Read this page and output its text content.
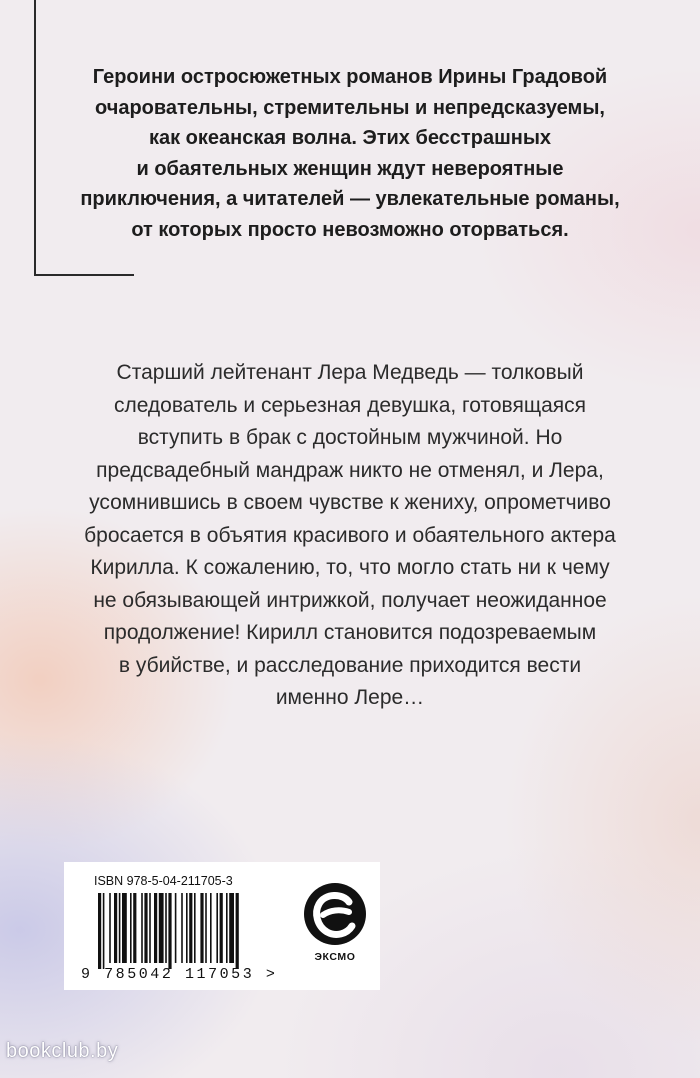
Героини остросюжетных романов Ирины Градовой
очаровательны, стремительны и непредсказуемы,
как океанская волна. Этих бесстрашных
и обаятельных женщин ждут невероятные
приключения, а читателей — увлекательные романы,
от которых просто невозможно оторваться.

Старший лейтенант Лера Медведь — толковый
следователь и серьезная девушка, готовящаяся
вступить в брак с достойным мужчиной. Но
предсвадебный мандраж никто не отменял, и Лера,
усомнившись в своем чувстве к жениху, опрометчиво
бросается в объятия красивого и обаятельного актера
Кирилла. К сожалению, то, что могло стать ни к чему
не обязывающей интрижкой, получает неожиданное
продолжение! Кирилл становится подозреваемым
в убийстве, и расследование приходится вести
именно Лере…

ISBN 978-5-04-211705-3
9 785042 117053 >
ЭКСМО
bookclub.by
